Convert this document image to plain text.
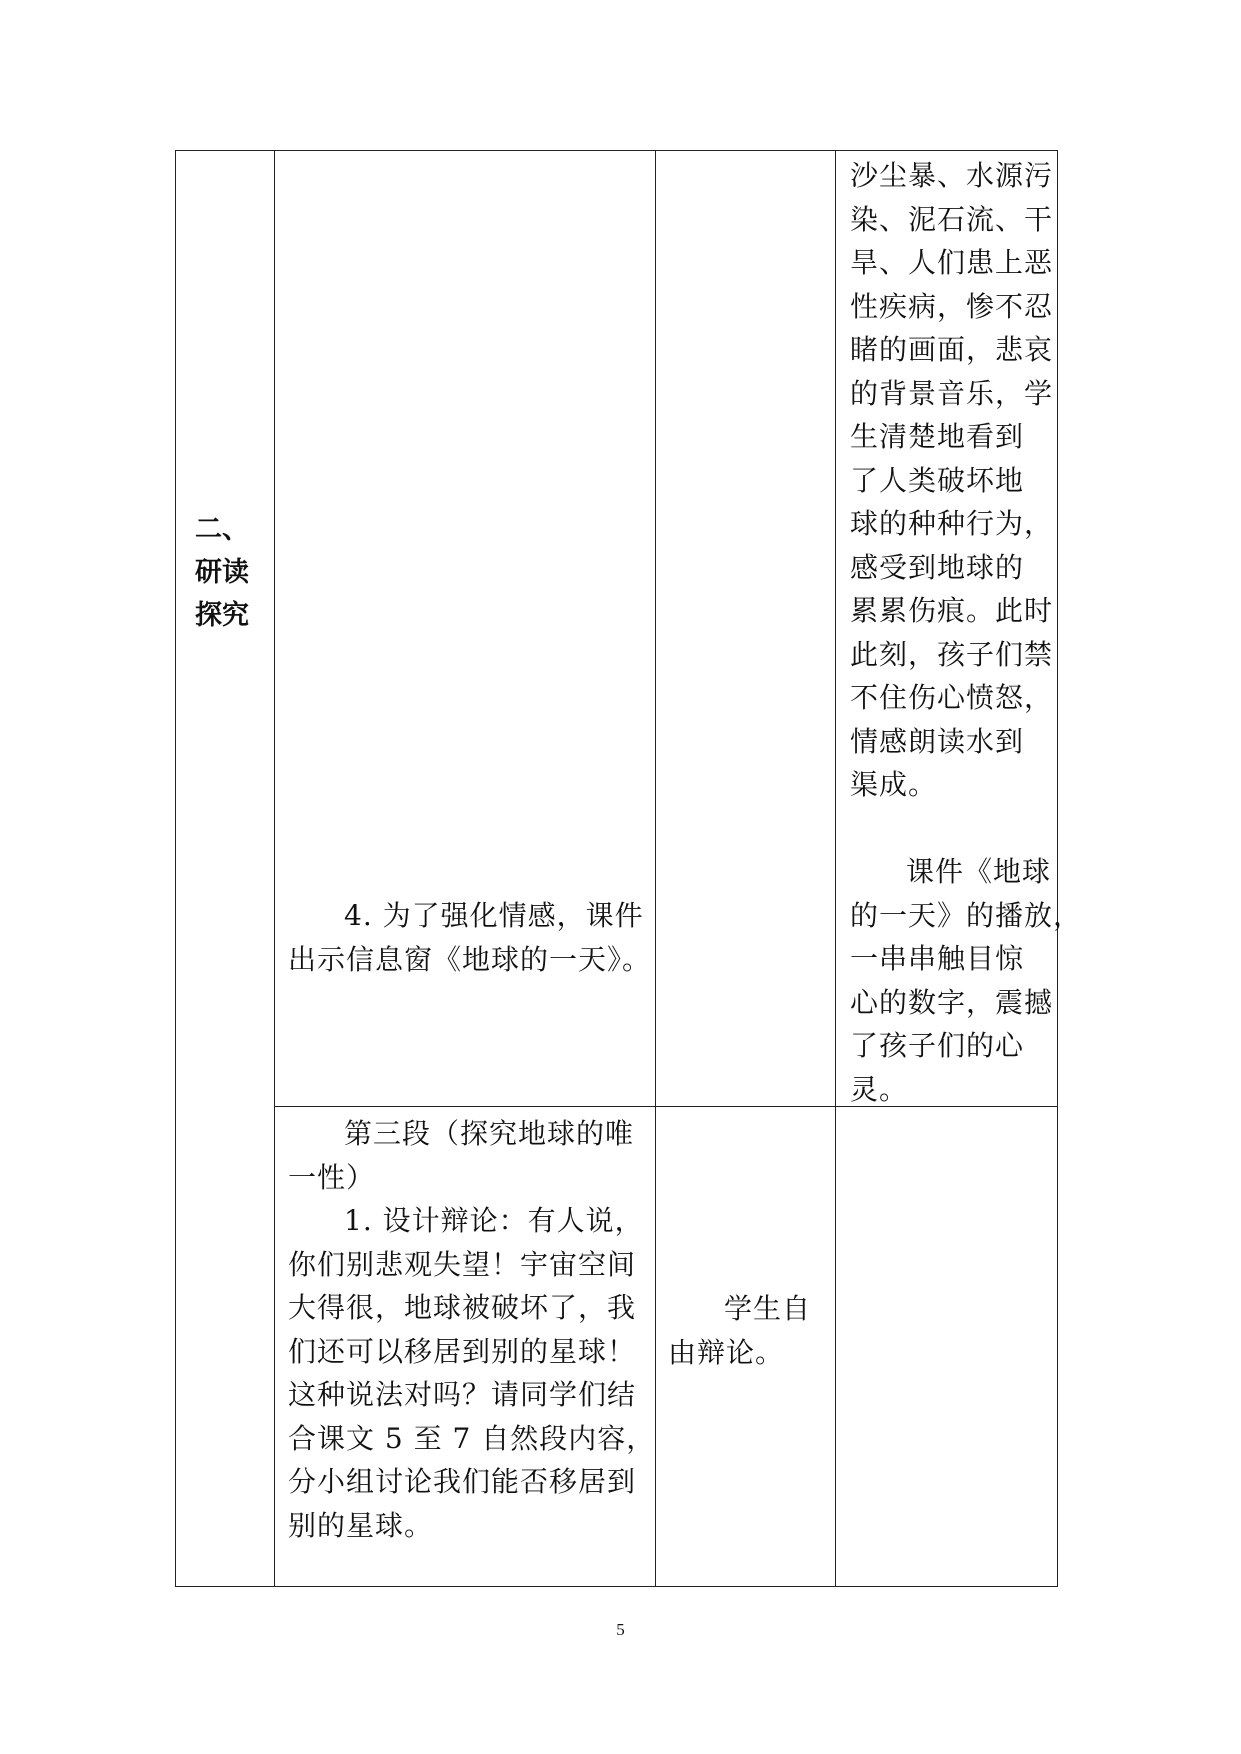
二、
研读
探究
沙尘暴、水源污
染、泥石流、干
旱、人们患上恶
性疾病，惨不忍
睹的画面，悲哀
的背景音乐，学
生清楚地看到
了人类破坏地
球的种种行为，
感受到地球的
累累伤痕。此时
此刻，孩子们禁
不住伤心愤怒，
情感朗读水到
渠成。
课件《地球
的一天》的播放，
一串串触目惊
心的数字，震撼
了孩子们的心
灵。
4. 为了强化情感，课件
出示信息窗《地球的一天》。
第三段（探究地球的唯
一性）
1. 设计辩论：有人说，
你们别悲观失望！宇宙空间
大得很，地球被破坏了，我
们还可以移居到别的星球！
这种说法对吗？请同学们结
合课文 5 至 7 自然段内容，
分小组讨论我们能否移居到
别的星球。
学生自
由辩论。
5
